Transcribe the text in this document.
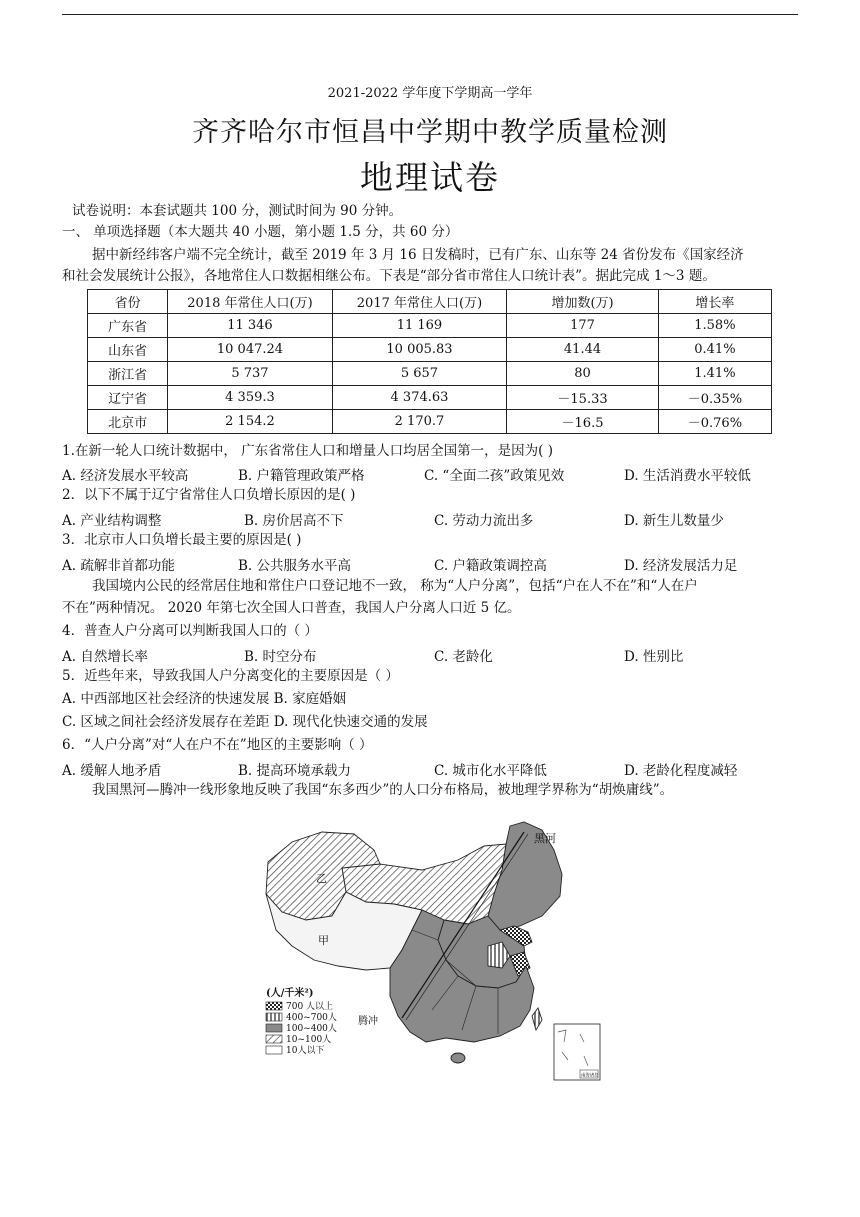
2021-2022 学年度下学期高一学年
齐齐哈尔市恒昌中学期中教学质量检测
地理试卷
试卷说明：本套试题共 100 分，测试时间为 90 分钟。
一、 单项选择题（本大题共 40 小题，第小题 1.5 分，共 60 分）
据中新经纬客户端不完全统计，截至 2019 年 3 月 16 日发稿时，已有广东、山东等 24 省份发布《国家经济
和社会发展统计公报》，各地常住人口数据相继公布。下表是“部分省市常住人口统计表”。据此完成 1～3 题。
省份	2018 年常住人口(万)	2017 年常住人口(万)	增加数(万)	增长率
广东省	11 346	11 169	177	1.58%
山东省	10 047.24	10 005.83	41.44	0.41%
浙江省	5 737	5 657	80	1.41%
辽宁省	4 359.3	4 374.63	－15.33	－0.35%
北京市	2 154.2	2 170.7	－16.5	－0.76%
1.在新一轮人口统计数据中， 广东省常住人口和增量人口均居全国第一，是因为( )
A. 经济发展水平较高	B. 户籍管理政策严格	C. “全面二孩”政策见效	D. 生活消费水平较低
2．以下不属于辽宁省常住人口负增长原因的是( )
A. 产业结构调整	B. 房价居高不下	C. 劳动力流出多	D. 新生儿数量少
3．北京市人口负增长最主要的原因是( )
A. 疏解非首都功能	B. 公共服务水平高	C. 户籍政策调控高	D. 经济发展活力足
我国境内公民的经常居住地和常住户口登记地不一致， 称为“人户分离”，包括“户在人不在”和“人在户
不在”两种情况。 2020 年第七次全国人口普查，我国人户分离人口近 5 亿。
4．普查人户分离可以判断我国人口的（ ）
A. 自然增长率	B. 时空分布	C. 老龄化	D. 性别比
5．近些年来，导致我国人户分离变化的主要原因是（ ）
A. 中西部地区社会经济的快速发展 B. 家庭婚姻
C. 区域之间社会经济发展存在差距 D. 现代化快速交通的发展
6．“人户分离”对“人在户不在”地区的主要影响（ ）
A. 缓解人地矛盾	B. 提高环境承载力	C. 城市化水平降低	D. 老龄化程度减轻
我国黑河—腾冲一线形象地反映了我国“东多西少”的人口分布格局，被地理学界称为“胡焕庸线”。
黑河
腾冲
甲
乙
(人/千米²)
700 人以上
400~700人
100~400人
10~100人
10人以下
南海诸岛
